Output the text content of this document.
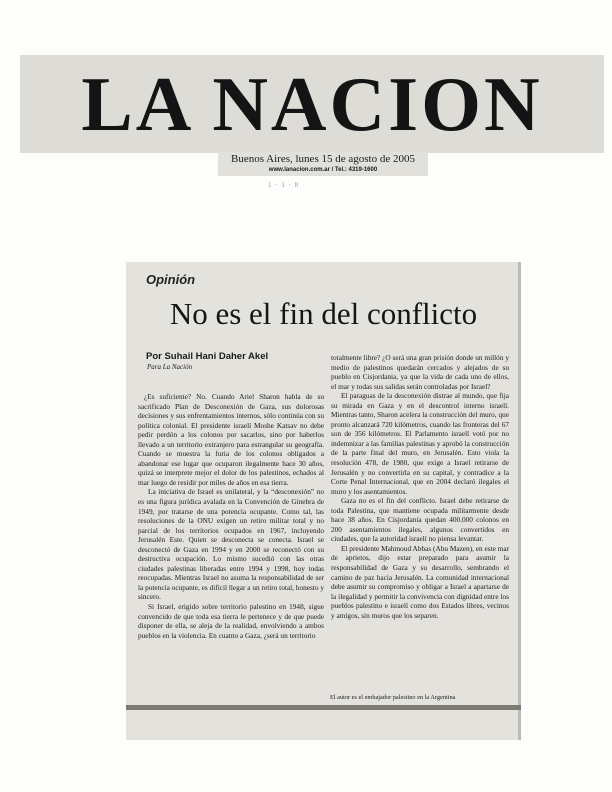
LA NACION
Buenos Aires, lunes 15 de agosto de 2005
www.lanacion.com.ar / Tel.: 4319-1600
1 · 1 · 8
Opinión
No es el fin del conflicto
Por Suhail Hani Daher Akel
Para La Nación

¿Es suficiente? No. Cuando Ariel Sharon habla de su sacrificado Plan de Desconexión de Gaza, sus dolorosas decisiones y sus enfrentamientos internos, sólo continúa con su política colonial. El presidente israelí Moshe Katsav no debe pedir perdón a los colonos por sacarlos, sino por haberlos llevado a un territorio extranjero para estrangular su geografía. Cuando se muestra la furia de los colonos obligados a abandonar ese lugar que ocuparon ilegalmente hace 30 años, quizá se interprete mejor el dolor de los palestinos, echados al mar luego de residir por miles de años en esa tierra.

La iniciativa de Israel es unilateral, y la “desconexión” no es una figura jurídica avalada en la Convención de Ginebra de 1949, por tratarse de una potencia ocupante. Como tal, las resoluciones de la ONU exigen un retiro militar total y no parcial de los territorios ocupados en 1967, incluyendo Jerusalén Este. Quien se desconecta se conecta. Israel se desconectó de Gaza en 1994 y en 2000 se reconectó con su destructiva ocupación. Lo mismo sucedió con las otras ciudades palestinas liberadas entre 1994 y 1998, hoy todas reocupadas. Mientras Israel no asuma la responsabilidad de ser la potencia ocupante, es difícil llegar a un retiro total, honesto y sincero.

Si Israel, erigido sobre territorio palestino en 1948, sigue convencido de que toda esa tierra le pertenece y de que puede disponer de ella, se aleja de la realidad, envolviendo a ambos pueblos en la violencia. En cuanto a Gaza, ¿será un territorio

totalmente libre? ¿O será una gran prisión donde un millón y medio de palestinos quedarán cercados y alejados de su pueblo en Cisjordania, ya que la vida de cada uno de ellos, el mar y todas sus salidas serán controladas por Israel?

El paraguas de la desconexión distrae al mundo, que fija su mirada en Gaza y en el descontrol interno israelí. Mientras tanto, Sharon acelera la construcción del muro, que pronto alcanzará 720 kilómetros, cuando las fronteras del 67 son de 356 kilómetros. El Parlamento israelí votó por no indemnizar a las familias palestinas y aprobó la construcción de la parte final del muro, en Jerusalén. Esto viola la resolución 478, de 1980, que exige a Israel retirarse de Jerusalén y no convertirla en su capital, y contradice a la Corte Penal Internacional, que en 2004 declaró ilegales el muro y los asentamientos.

Gaza no es el fin del conflicto. Israel debe retirarse de toda Palestina, que mantiene ocupada militarmente desde hace 38 años. En Cisjordania quedan 400.000 colonos en 200 asentamientos ilegales, algunos convertidos en ciudades, que la autoridad israelí no piensa levantar.

El presidente Mahmoud Abbas (Abu Mazen), en este mar de aprietos, dijo estar preparado para asumir la responsabilidad de Gaza y su desarrollo, sembrando el camino de paz hacia Jerusalén. La comunidad internacional debe asumir su compromiso y obligar a Israel a apartarse de la ilegalidad y permitir la convivencia con dignidad entre los pueblos palestino e israelí como dos Estados libres, vecinos y amigos, sin muros que los separen.

El autor es el embajador palestino en la Argentina
